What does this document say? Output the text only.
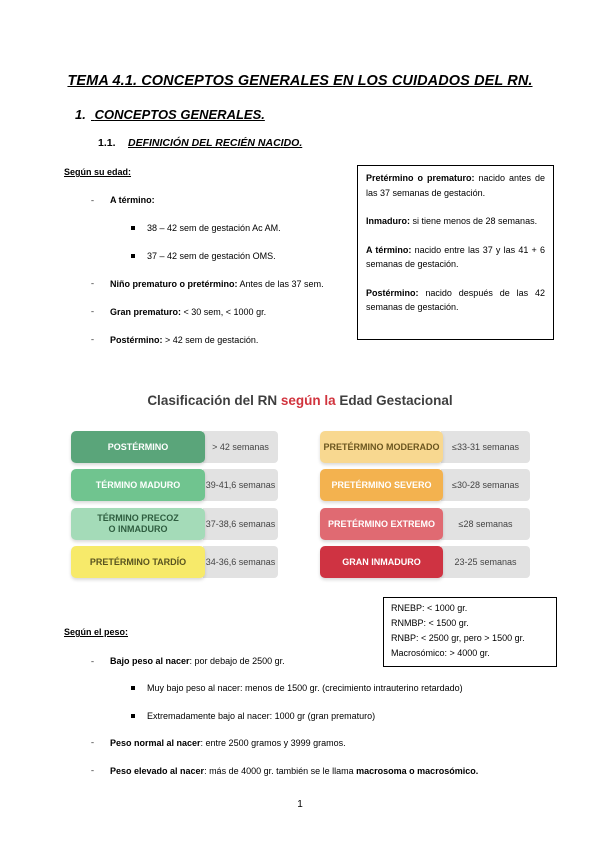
TEMA 4.1. CONCEPTOS GENERALES EN LOS CUIDADOS DEL RN.
1. CONCEPTOS GENERALES.
1.1. DEFINICIÓN DEL RECIÉN NACIDO.
Según su edad:
ˍ A término:
38 – 42 sem de gestación Ac AM.
37 – 42 sem de gestación OMS.
ˍ Niño prematuro o pretérmino: Antes de las 37 sem.
ˍ Gran prematuro: < 30 sem, < 1000 gr.
ˍ Postérmino: > 42 sem de gestación.

Pretérmino o prematuro: nacido antes de las 37 semanas de gestación.

Inmaduro: si tiene menos de 28 semanas.

A término: nacido entre las 37 y las 41 + 6 semanas de gestación.

Postérmino: nacido después de las 42 semanas de gestación.

Clasificación del RN según la Edad Gestacional
> 42 semanas
POSTÉRMINO
39-41,6 semanas
TÉRMINO MADURO
37-38,6 semanas
TÉRMINO PRECOZ
O INMADURO
34-36,6 semanas
PRETÉRMINO TARDÍO
≤33-31 semanas
PRETÉRMINO MODERADO
≤30-28 semanas
PRETÉRMINO SEVERO
≤28 semanas
PRETÉRMINO EXTREMO
23-25 semanas
GRAN INMADURO
RNEBP: < 1000 gr.
RNMBP: < 1500 gr.
RNBP: < 2500 gr, pero > 1500 gr.
Macrosómico: > 4000 gr.
Según el peso:
ˍ Bajo peso al nacer: por debajo de 2500 gr.
Muy bajo peso al nacer: menos de 1500 gr. (crecimiento intrauterino retardado)
Extremadamente bajo al nacer: 1000 gr (gran prematuro)
ˍ Peso normal al nacer: entre 2500 gramos y 3999 gramos.
ˍ Peso elevado al nacer: más de 4000 gr. también se le llama macrosoma o macrosómico.
1
